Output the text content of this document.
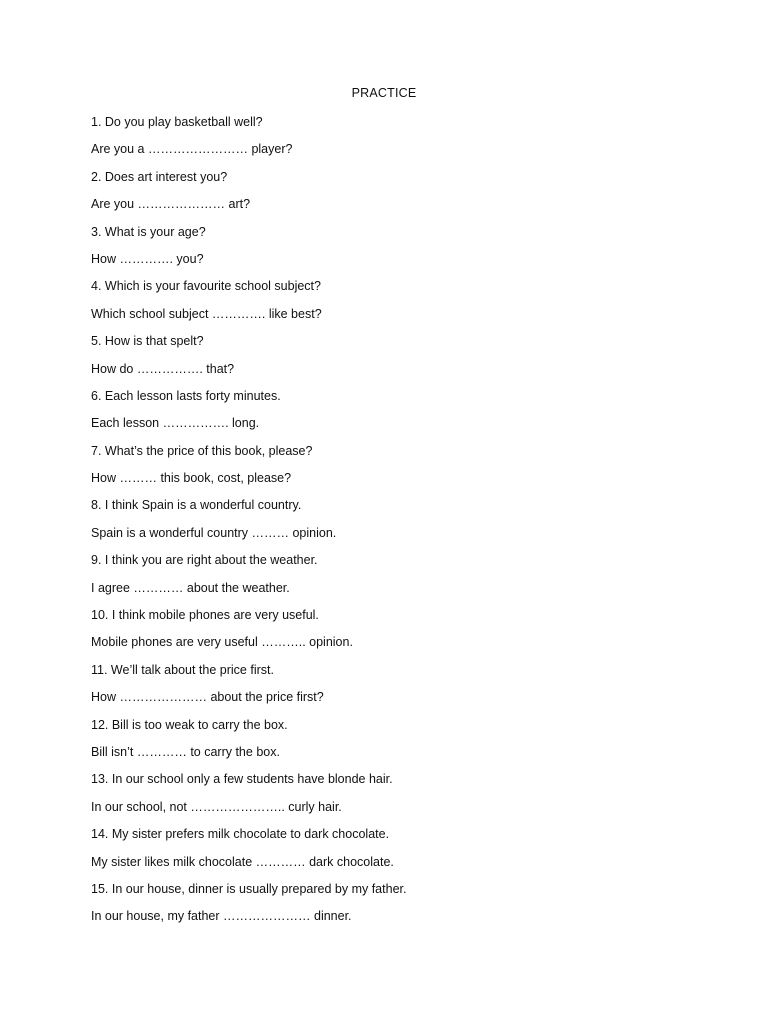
PRACTICE
1. Do you play basketball well?
Are you a …………………… player?
2. Does art interest you?
Are you ………………… art?
3. What is your age?
How …………. you?
4. Which is your favourite school subject?
Which school subject …………. like best?
5. How is that spelt?
How do ……………. that?
6. Each lesson lasts forty minutes.
Each lesson ……………. long.
7. What’s the price of this book, please?
How ……… this book, cost, please?
8. I think Spain is a wonderful country.
Spain is a wonderful country ……… opinion.
9. I think you are right about the weather.
I agree ………… about the weather.
10. I think mobile phones are very useful.
Mobile phones are very useful ……….. opinion.
11. We’ll talk about the price first.
How ………………… about the price first?
12. Bill is too weak to carry the box.
Bill isn’t ………… to carry the box.
13. In our school only a few students have blonde hair.
In our school, not ………………….. curly hair.
14. My sister prefers milk chocolate to dark chocolate.
My sister likes milk chocolate ………… dark chocolate.
15. In our house, dinner is usually prepared by my father.
In our house, my father ………………… dinner.
